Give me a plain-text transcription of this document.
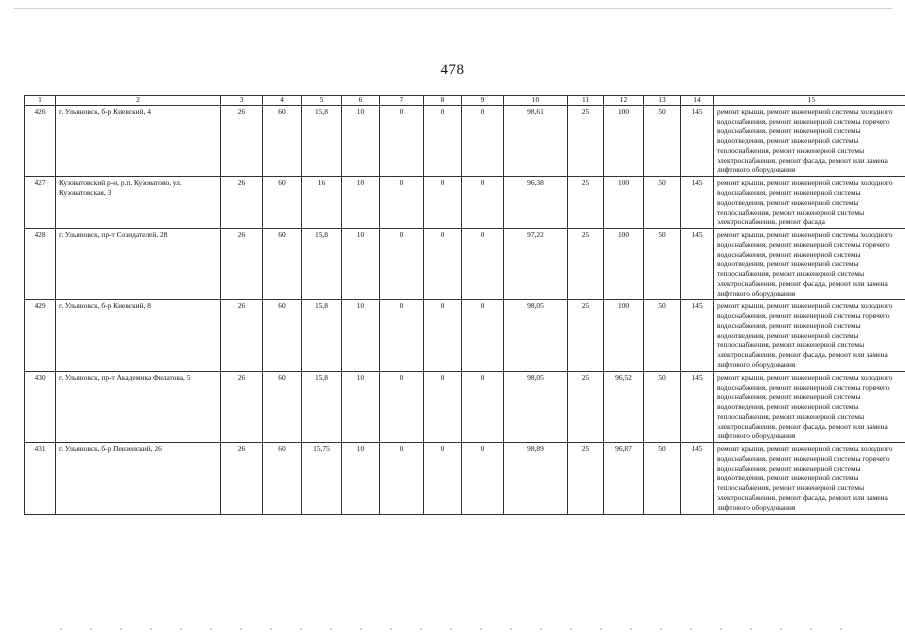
478
1	2	3	4	5	6	7	8	9	10	11	12	13	14	15
426	г. Ульяновск, б-р Киевский, 4	26	60	15,8	10	0	0	0	98,61	25	100	50	145	ремонт крыши, ремонт инженерной системы холодного водоснабжения, ремонт инженерной системы горячего водоснабжения, ремонт инженерной системы водоотведения, ремонт инженерной системы теплоснабжения, ремонт инженерной системы электроснабжения, ремонт фасада, ремонт или замена лифтового оборудования
427	Кузоватовский р-н, р.п. Кузоватово, ул. Кузоватовская, 3	26	60	16	10	0	0	0	96,38	25	100	50	145	ремонт крыши, ремонт инженерной системы холодного водоснабжения, ремонт инженерной системы водоотведения, ремонт инженерной системы теплоснабжения, ремонт инженерной системы электроснабжения, ремонт фасада
428	г. Ульяновск, пр-т Созидателей, 28	26	60	15,8	10	0	0	0	97,22	25	100	50	145	ремонт крыши, ремонт инженерной системы холодного водоснабжения, ремонт инженерной системы горячего водоснабжения, ремонт инженерной системы водоотведения, ремонт инженерной системы теплоснабжения, ремонт инженерной системы электроснабжения, ремонт фасада, ремонт или замена лифтового оборудования
429	г. Ульяновск, б-р Киевский, 8	26	60	15,8	10	0	0	0	98,05	25	100	50	145	ремонт крыши, ремонт инженерной системы холодного водоснабжения, ремонт инженерной системы горячего водоснабжения, ремонт инженерной системы водоотведения, ремонт инженерной системы теплоснабжения, ремонт инженерной системы электроснабжения, ремонт фасада, ремонт или замена лифтового оборудования
430	г. Ульяновск, пр-т Академика Филатова, 5	26	60	15,8	10	0	0	0	98,05	25	96,52	50	145	ремонт крыши, ремонт инженерной системы холодного водоснабжения, ремонт инженерной системы горячего водоснабжения, ремонт инженерной системы водоотведения, ремонт инженерной системы теплоснабжения, ремонт инженерной системы электроснабжения, ремонт фасада, ремонт или замена лифтового оборудования
431	г. Ульяновск, б-р Пензенский, 26	26	60	15,75	10	0	0	0	98,89	25	96,87	50	145	ремонт крыши, ремонт инженерной системы холодного водоснабжения, ремонт инженерной системы горячего водоснабжения, ремонт инженерной системы водоотведения, ремонт инженерной системы теплоснабжения, ремонт инженерной системы электроснабжения, ремонт фасада, ремонт или замена лифтового оборудования
